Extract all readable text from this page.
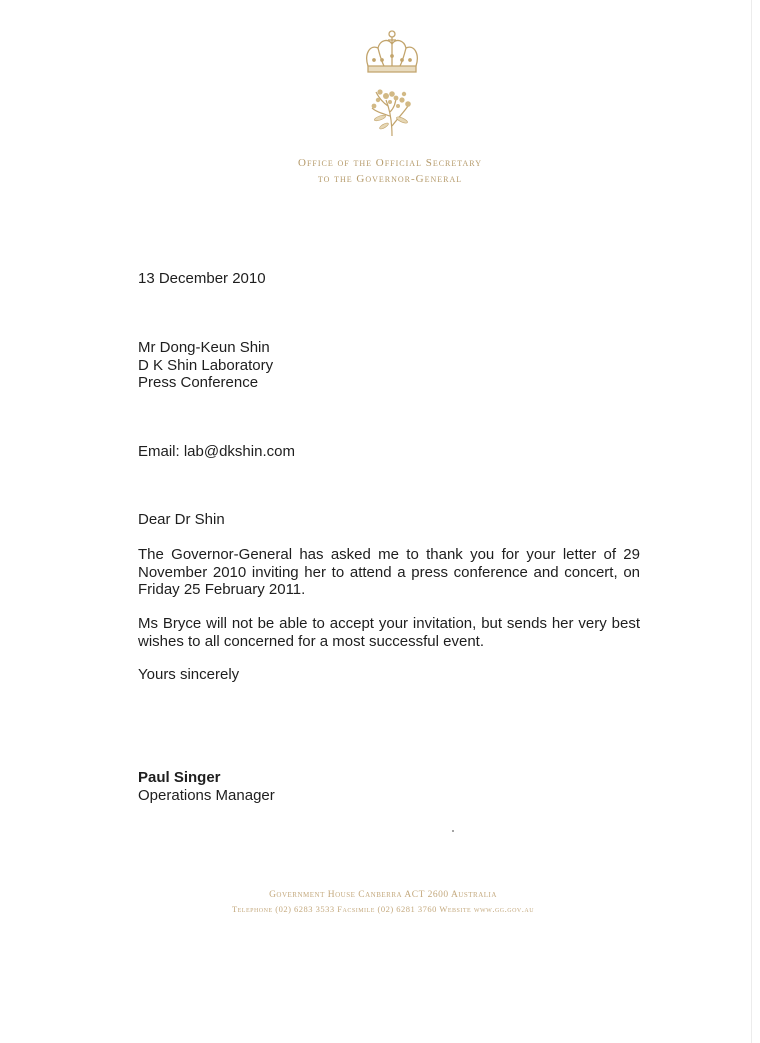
Office of the Official Secretary
to the Governor-General
13 December 2010
Mr Dong-Keun Shin
D K Shin Laboratory
Press Conference
Email: lab@dkshin.com
Dear Dr Shin
The Governor-General has asked me to thank you for your letter of 29 November 2010 inviting her to attend a press conference and concert, on Friday 25 February 2011.
Ms Bryce will not be able to accept your invitation, but sends her very best wishes to all concerned for a most successful event.
Yours sincerely
Paul Singer
Operations Manager
Government House Canberra ACT 2600 Australia
Telephone (02) 6283 3533 Facsimile (02) 6281 3760 Website www.gg.gov.au
